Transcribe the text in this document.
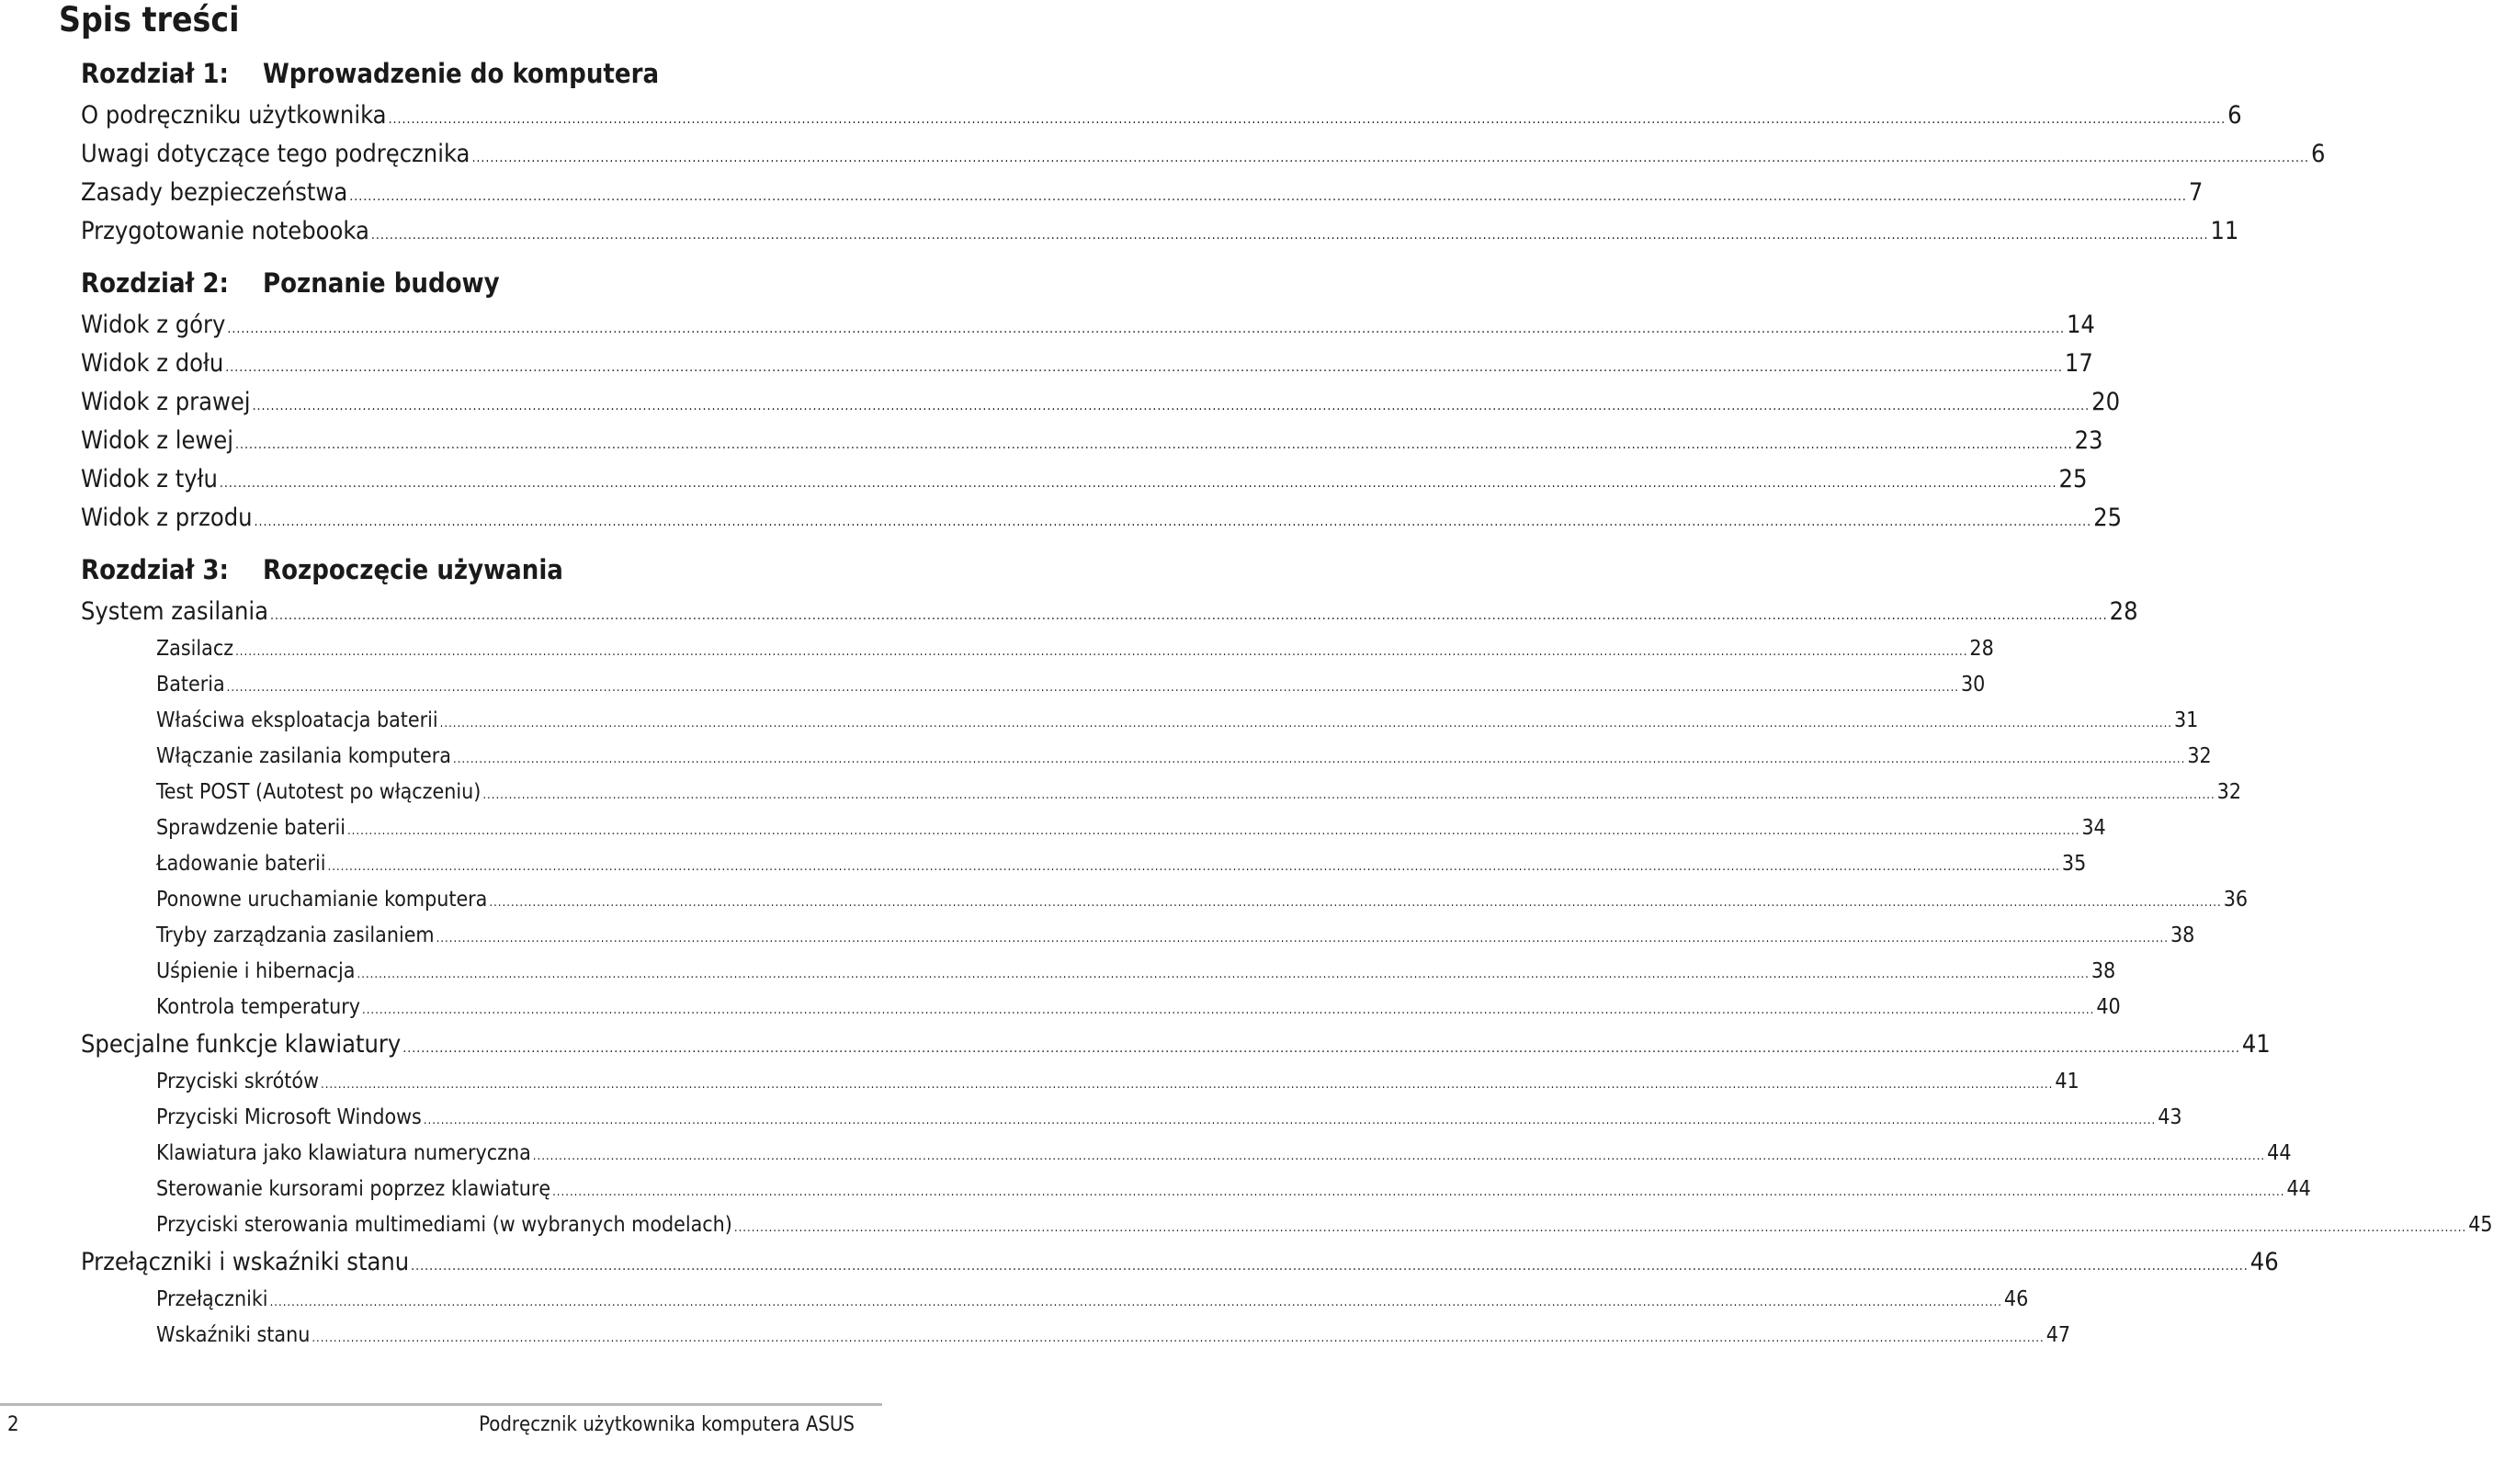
Spis treści
Rozdział 1: Wprowadzenie do komputera
O podręczniku użytkownika ................................................................................................................................................................................................................................................................................................................................................................................................................ 6
Uwagi dotyczące tego podręcznika ................................................................................................................................................................................................................................................................................................................................................................................................................ 6
Zasady bezpieczeństwa ................................................................................................................................................................................................................................................................................................................................................................................................................ 7
Przygotowanie notebooka ................................................................................................................................................................................................................................................................................................................................................................................................................ 11
Rozdział 2: Poznanie budowy
Widok z góry ................................................................................................................................................................................................................................................................................................................................................................................................................ 14
Widok z dołu ................................................................................................................................................................................................................................................................................................................................................................................................................ 17
Widok z prawej ................................................................................................................................................................................................................................................................................................................................................................................................................ 20
Widok z lewej ................................................................................................................................................................................................................................................................................................................................................................................................................ 23
Widok z tyłu ................................................................................................................................................................................................................................................................................................................................................................................................................ 25
Widok z przodu ................................................................................................................................................................................................................................................................................................................................................................................................................ 25
Rozdział 3: Rozpoczęcie używania
System zasilania ................................................................................................................................................................................................................................................................................................................................................................................................................ 28
Zasilacz ................................................................................................................................................................................................................................................................................................................................................................................................................ 28
Bateria ................................................................................................................................................................................................................................................................................................................................................................................................................ 30
Właściwa eksploatacja baterii ................................................................................................................................................................................................................................................................................................................................................................................................................ 31
Włączanie zasilania komputera ................................................................................................................................................................................................................................................................................................................................................................................................................ 32
Test POST (Autotest po włączeniu) ................................................................................................................................................................................................................................................................................................................................................................................................................ 32
Sprawdzenie baterii ................................................................................................................................................................................................................................................................................................................................................................................................................ 34
Ładowanie baterii ................................................................................................................................................................................................................................................................................................................................................................................................................ 35
Ponowne uruchamianie komputera ................................................................................................................................................................................................................................................................................................................................................................................................................ 36
Tryby zarządzania zasilaniem ................................................................................................................................................................................................................................................................................................................................................................................................................ 38
Uśpienie i hibernacja ................................................................................................................................................................................................................................................................................................................................................................................................................ 38
Kontrola temperatury ................................................................................................................................................................................................................................................................................................................................................................................................................ 40
Specjalne funkcje klawiatury ................................................................................................................................................................................................................................................................................................................................................................................................................ 41
Przyciski skrótów ................................................................................................................................................................................................................................................................................................................................................................................................................ 41
Przyciski Microsoft Windows ................................................................................................................................................................................................................................................................................................................................................................................................................ 43
Klawiatura jako klawiatura numeryczna ................................................................................................................................................................................................................................................................................................................................................................................................................ 44
Sterowanie kursorami poprzez klawiaturę ................................................................................................................................................................................................................................................................................................................................................................................................................ 44
Przyciski sterowania multimediami (w wybranych modelach) ................................................................................................................................................................................................................................................................................................................................................................................................................ 45
Przełączniki i wskaźniki stanu ................................................................................................................................................................................................................................................................................................................................................................................................................ 46
Przełączniki ................................................................................................................................................................................................................................................................................................................................................................................................................ 46
Wskaźniki stanu ................................................................................................................................................................................................................................................................................................................................................................................................................ 47
2	Podręcznik użytkownika komputera ASUS
